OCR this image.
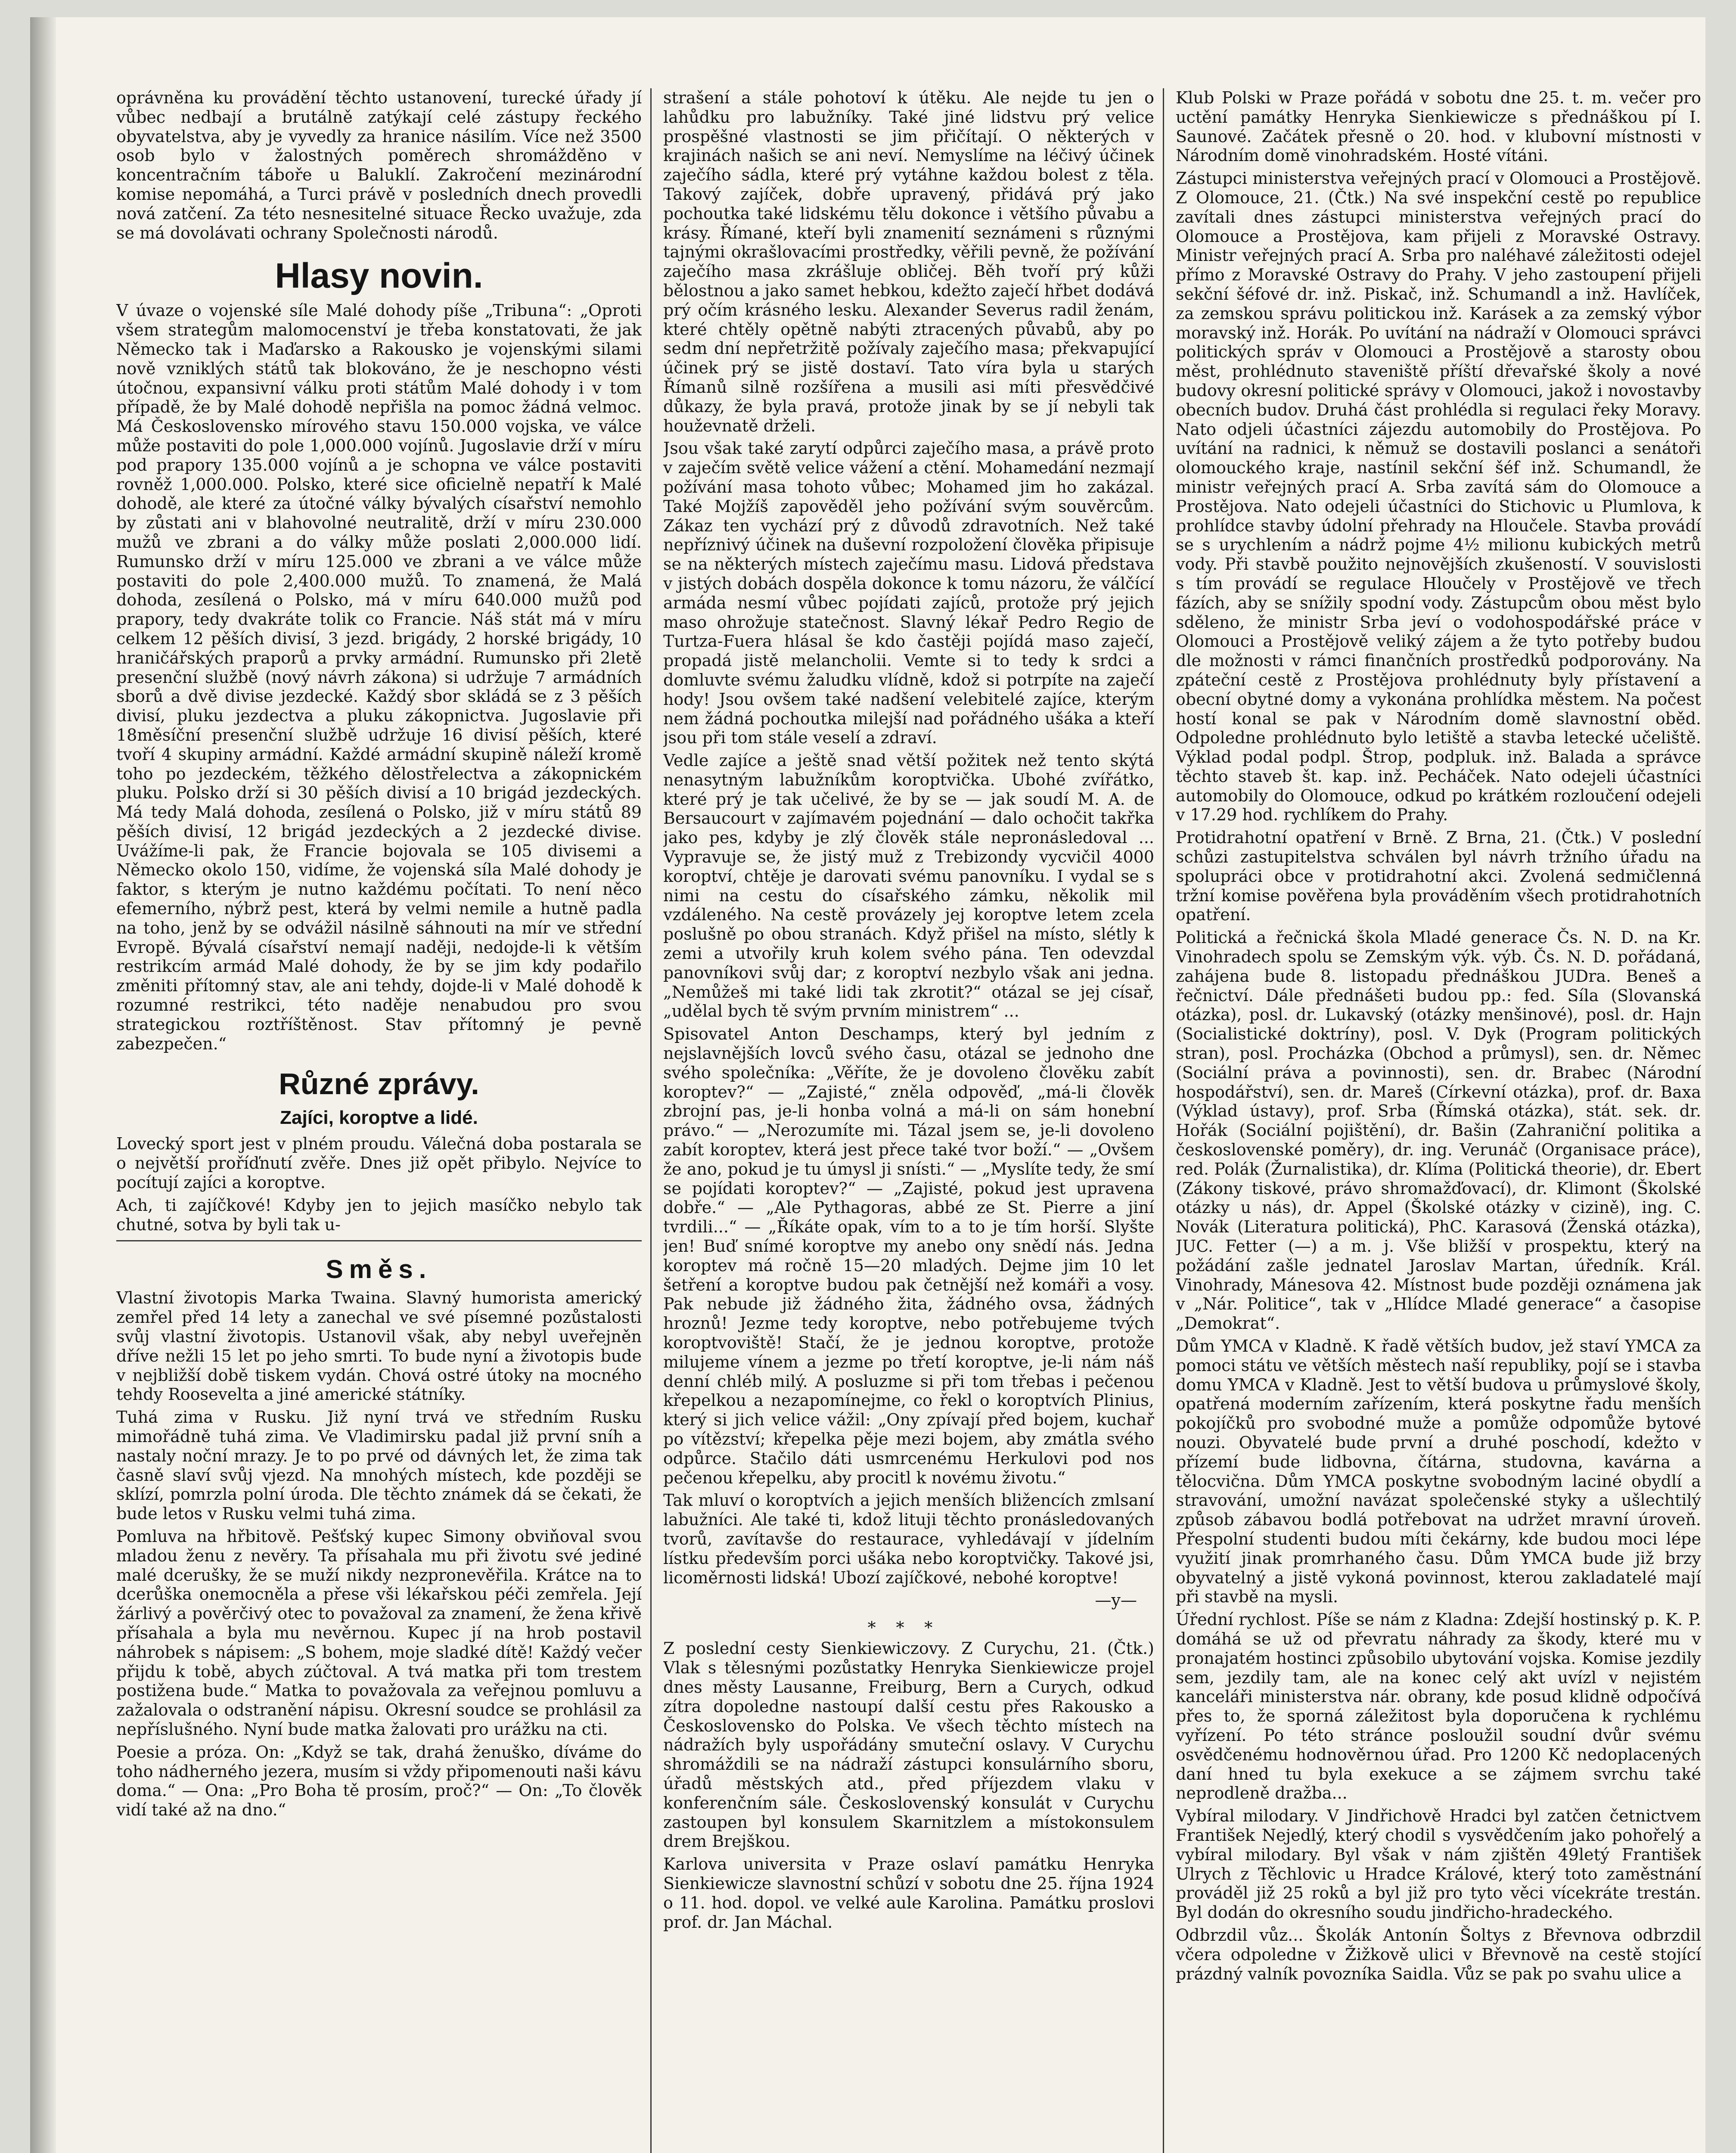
oprávněna ku provádění těchto ustanovení, turecké úřady jí vůbec nedbají a brutálně zatýkají celé zástupy řeckého obyvatelstva, aby je vyvedly za hranice násilím. Více než 3500 osob bylo v žalostných poměrech shromážděno v koncentračním táboře u Baluklí. Zakročení mezinárodní komise nepomáhá, a Turci právě v posledních dnech provedli nová zatčení. Za této nesnesitelné situace Řecko uvažuje, zda se má dovolávati ochrany Společnosti národů.

Hlasy novin.

V úvaze o vojenské síle Malé dohody píše „Tribuna“: „Oproti všem strategům malomocenství je třeba konstatovati, že jak Německo tak i Maďarsko a Rakousko je vojenskými silami nově vzniklých států tak blokováno, že je neschopno vésti útočnou, expansivní válku proti státům Malé dohody i v tom případě, že by Malé dohodě nepřišla na pomoc žádná velmoc. Má Československo mírového stavu 150.000 vojska, ve válce může postaviti do pole 1,000.000 vojínů. Jugoslavie drží v míru pod prapory 135.000 vojínů a je schopna ve válce postaviti rovněž 1,000.000. Polsko, které sice oficielně nepatří k Malé dohodě, ale které za útočné války bývalých císařství nemohlo by zůstati ani v blahovolné neutralitě, drží v míru 230.000 mužů ve zbrani a do války může poslati 2,000.000 lidí. Rumunsko drží v míru 125.000 ve zbrani a ve válce může postaviti do pole 2,400.000 mužů. To znamená, že Malá dohoda, zesílená o Polsko, má v míru 640.000 mužů pod prapory, tedy dvakráte tolik co Francie. Náš stát má v míru celkem 12 pěších divisí, 3 jezd. brigády, 2 horské brigády, 10 hraničářských praporů a prvky armádní. Rumunsko při 2letě presenční službě (nový návrh zákona) si udržuje 7 armádních sborů a dvě divise jezdecké. Každý sbor skládá se z 3 pěších divisí, pluku jezdectva a pluku zákopnictva. Jugoslavie při 18měsíční presenční službě udržuje 16 divisí pěších, které tvoří 4 skupiny armádní. Každé armádní skupině náleží kromě toho po jezdeckém, těžkého dělostřelectva a zákopnickém pluku. Polsko drží si 30 pěších divisí a 10 brigád jezdeckých. Má tedy Malá dohoda, zesílená o Polsko, již v míru států 89 pěších divisí, 12 brigád jezdeckých a 2 jezdecké divise. Uvážíme-li pak, že Francie bojovala se 105 divisemi a Německo okolo 150, vidíme, že vojenská síla Malé dohody je faktor, s kterým je nutno každému počítati. To není něco efemerního, nýbrž pest, která by velmi nemile a hutně padla na toho, jenž by se odvážil násilně sáhnouti na mír ve střední Evropě. Bývalá císařství nemají naději, nedojde-li k větším restrikcím armád Malé dohody, že by se jim kdy podařilo změniti přítomný stav, ale ani tehdy, dojde-li v Malé dohodě k rozumné restrikci, této naděje nenabudou pro svou strategickou roztříštěnost. Stav přítomný je pevně zabezpečen.“

Různé zprávy.
Zajíci, koroptve a lidé.

Lovecký sport jest v plném proudu. Válečná doba postarala se o největší proříďnutí zvěře. Dnes již opět přibylo. Nejvíce to pocítují zajíci a koroptve.

Ach, ti zajíčkové! Kdyby jen to jejich masíčko nebylo tak chutné, sotva by byli tak u-

Směs.

Vlastní životopis Marka Twaina. Slavný humorista americký zemřel před 14 lety a zanechal ve své písemné pozůstalosti svůj vlastní životopis. Ustanovil však, aby nebyl uveřejněn dříve nežli 15 let po jeho smrti. To bude nyní a životopis bude v nejbližší době tiskem vydán. Chová ostré útoky na mocného tehdy Roosevelta a jiné americké státníky.

Tuhá zima v Rusku. Již nyní trvá ve středním Rusku mimořádně tuhá zima. Ve Vladimirsku padal již první sníh a nastaly noční mrazy. Je to po prvé od dávných let, že zima tak časně slaví svůj vjezd. Na mnohých místech, kde později se sklízí, pomrzla polní úroda. Dle těchto známek dá se čekati, že bude letos v Rusku velmi tuhá zima.

Pomluva na hřbitově. Pešťský kupec Simony obviňoval svou mladou ženu z nevěry. Ta přísahala mu při životu své jediné malé dcerušky, že se muží nikdy nezpronevěřila. Krátce na to dcerůška onemocněla a přese vši lékařskou péči zemřela. Její žárlivý a pověrčivý otec to považoval za znamení, že žena křivě přísahala a byla mu nevěrnou. Kupec jí na hrob postavil náhrobek s nápisem: „S bohem, moje sladké dítě! Každý večer přijdu k tobě, abych zúčtoval. A tvá matka při tom trestem postižena bude.“ Matka to považovala za veřejnou pomluvu a zažalovala o odstranění nápisu. Okresní soudce se prohlásil za nepříslušného. Nyní bude matka žalovati pro urážku na cti.

Poesie a próza. On: „Když se tak, drahá ženuško, díváme do toho nádherného jezera, musím si vždy připomenouti naši kávu doma.“ — Ona: „Pro Boha tě prosím, proč?“ — On: „To člověk vidí také až na dno.“

strašení a stále pohotoví k útěku. Ale nejde tu jen o lahůdku pro labužníky. Také jiné lidstvu prý velice prospěšné vlastnosti se jim přičítají. O některých v krajinách našich se ani neví. Nemyslíme na léčivý účinek zaječího sádla, které prý vytáhne každou bolest z těla. Takový zajíček, dobře upravený, přidává prý jako pochoutka také lidskému tělu dokonce i většího půvabu a krásy. Římané, kteří byli znamenití seznámeni s různými tajnými okrašlovacími prostředky, věřili pevně, že požívání zaječího masa zkrášluje obličej. Běh tvoří prý kůži bělostnou a jako samet hebkou, kdežto zaječí hřbet dodává prý očím krásného lesku. Alexander Severus radil ženám, které chtěly opětně nabýti ztracených půvabů, aby po sedm dní nepřetržitě požívaly zaječího masa; překvapující účinek prý se jistě dostaví. Tato víra byla u starých Římanů silně rozšířena a musili asi míti přesvědčivé důkazy, že byla pravá, protože jinak by se jí nebyli tak houževnatě drželi.

Jsou však také zarytí odpůrci zaječího masa, a právě proto v zaječím světě velice vážení a ctění. Mohamedání nezmají požívání masa tohoto vůbec; Mohamed jim ho zakázal. Také Mojžíš zapověděl jeho požívání svým souvěrcům. Zákaz ten vychází prý z důvodů zdravotních. Než také nepříznivý účinek na duševní rozpoložení člověka připisuje se na některých místech zaječímu masu. Lidová představa v jistých dobách dospěla dokonce k tomu názoru, že válčící armáda nesmí vůbec pojídati zajíců, protože prý jejich maso ohrožuje statečnost. Slavný lékař Pedro Regio de Turtza-Fuera hlásal še kdo častěji pojídá maso zaječí, propadá jistě melancholii. Vemte si to tedy k srdci a domluvte svému žaludku vlídně, kdož si potrpíte na zaječí hody! Jsou ovšem také nadšení velebitelé zajíce, kterým nem žádná pochoutka milejší nad pořádného ušáka a kteří jsou při tom stále veselí a zdraví.

Vedle zajíce a ještě snad větší požitek než tento skýtá nenasytným labužníkům koroptvička. Ubohé zvířátko, které prý je tak učelivé, že by se — jak soudí M. A. de Bersaucourt v zajímavém pojednání — dalo ochočit takřka jako pes, kdyby je zlý člověk stále nepronásledoval ... Vypravuje se, že jistý muž z Trebizondy vycvičil 4000 koroptví, chtěje je darovati svému panovníku. I vydal se s nimi na cestu do císařského zámku, několik mil vzdáleného. Na cestě provázely jej koroptve letem zcela poslušně po obou stranách. Když přišel na místo, slétly k zemi a utvořily kruh kolem svého pána. Ten odevzdal panovníkovi svůj dar; z koroptví nezbylo však ani jedna. „Nemůžeš mi také lidi tak zkrotit?“ otázal se jej císař, „udělal bych tě svým prvním ministrem“ ...

Spisovatel Anton Deschamps, který byl jedním z nejslavnějších lovců svého času, otázal se jednoho dne svého společníka: „Věříte, že je dovoleno člověku zabít koroptev?“ — „Zajisté,“ zněla odpověď, „má-li člověk zbrojní pas, je-li honba volná a má-li on sám honební právo.“ — „Nerozumíte mi. Tázal jsem se, je-li dovoleno zabít koroptev, která jest přece také tvor boží.“ — „Ovšem že ano, pokud je tu úmysl ji snísti.“ — „Myslíte tedy, že smí se pojídati koroptev?“ — „Zajisté, pokud jest upravena dobře.“ — „Ale Pythagoras, abbé ze St. Pierre a jiní tvrdili...“ — „Říkáte opak, vím to a to je tím horší. Slyšte jen! Buď snímé koroptve my anebo ony snědí nás. Jedna koroptev má ročně 15—20 mladých. Dejme jim 10 let šetření a koroptve budou pak četnější než komáři a vosy. Pak nebude již žádného žita, žádného ovsa, žádných hroznů! Jezme tedy koroptve, nebo potřebujeme tvých koroptvoviště! Stačí, že je jednou koroptve, protože milujeme vínem a jezme po třetí koroptve, je-li nám náš denní chléb milý. A posluzme si při tom třebas i pečenou křepelkou a nezapomínejme, co řekl o koroptvích Plinius, který si jich velice vážil: „Ony zpívají před bojem, kuchař po vítězství; křepelka pěje mezi bojem, aby zmátla svého odpůrce. Stačilo dáti usmrcenému Herkulovi pod nos pečenou křepelku, aby procitl k novému životu.“

Tak mluví o koroptvích a jejich menších bližencích zmlsaní labužníci. Ale také ti, kdož lituji těchto pronásledovaných tvorů, zavítavše do restaurace, vyhledávají v jídelním lístku především porci ušáka nebo koroptvičky. Takové jsi, licoměrnosti lidská! Ubozí zajíčkové, nebohé koroptve!

—y—
∗∗∗

Z poslední cesty Sienkiewiczovy. Z Curychu, 21. (Čtk.) Vlak s tělesnými pozůstatky Henryka Sienkiewicze projel dnes městy Lausanne, Freiburg, Bern a Curych, odkud zítra dopoledne nastoupí další cestu přes Rakousko a Československo do Polska. Ve všech těchto místech na nádražích byly uspořádány smuteční oslavy. V Curychu shromáždili se na nádraží zástupci konsulárního sboru, úřadů městských atd., před příjezdem vlaku v konferenčním sále. Československý konsulát v Curychu zastoupen byl konsulem Skarnitzlem a místokonsulem drem Brejškou.

Karlova universita v Praze oslaví památku Henryka Sienkiewicze slavnostní schůzí v sobotu dne 25. října 1924 o 11. hod. dopol. ve velké aule Karolina. Památku proslovi prof. dr. Jan Máchal.

Klub Polski w Praze pořádá v sobotu dne 25. t. m. večer pro uctění památky Henryka Sienkiewicze s přednáškou pí I. Saunové. Začátek přesně o 20. hod. v klubovní místnosti v Národním domě vinohradském. Hosté vítáni.

Zástupci ministerstva veřejných prací v Olomouci a Prostějově. Z Olomouce, 21. (Čtk.) Na své inspekční cestě po republice zavítali dnes zástupci ministerstva veřejných prací do Olomouce a Prostějova, kam přijeli z Moravské Ostravy. Ministr veřejných prací A. Srba pro naléhavé záležitosti odejel přímo z Moravské Ostravy do Prahy. V jeho zastoupení přijeli sekční šéfové dr. inž. Piskač, inž. Schumandl a inž. Havlíček, za zemskou správu politickou inž. Karásek a za zemský výbor moravský inž. Horák. Po uvítání na nádraží v Olomouci správci politických správ v Olomouci a Prostějově a starosty obou měst, prohlédnuto staveniště příští dřevařské školy a nové budovy okresní politické správy v Olomouci, jakož i novostavby obecních budov. Druhá část prohlédla si regulaci řeky Moravy. Nato odjeli účastníci zájezdu automobily do Prostějova. Po uvítání na radnici, k němuž se dostavili poslanci a senátoři olomouckého kraje, nastínil sekční šéf inž. Schumandl, že ministr veřejných prací A. Srba zavítá sám do Olomouce a Prostějova. Nato odejeli účastníci do Stichovic u Plumlova, k prohlídce stavby údolní přehrady na Hloučele. Stavba provádí se s urychlením a nádrž pojme 4½ milionu kubických metrů vody. Při stavbě použito nejnovějších zkušeností. V souvislosti s tím provádí se regulace Hloučely v Prostějově ve třech fázích, aby se snížily spodní vody. Zástupcům obou měst bylo sděleno, že ministr Srba jeví o vodohospodářské práce v Olomouci a Prostějově veliký zájem a že tyto potřeby budou dle možnosti v rámci finančních prostředků podporovány. Na zpáteční cestě z Prostějova prohlédnuty byly přístavení a obecní obytné domy a vykonána prohlídka městem. Na počest hostí konal se pak v Národním domě slavnostní oběd. Odpoledne prohlédnuto bylo letiště a stavba letecké učeliště. Výklad podal podpl. Štrop, podpluk. inž. Balada a správce těchto staveb št. kap. inž. Pecháček. Nato odejeli účastníci automobily do Olomouce, odkud po krátkém rozloučení odejeli v 17.29 hod. rychlíkem do Prahy.

Protidrahotní opatření v Brně. Z Brna, 21. (Čtk.) V poslední schůzi zastupitelstva schválen byl návrh tržního úřadu na spolupráci obce v protidrahotní akci. Zvolená sedmičlenná tržní komise pověřena byla prováděním všech protidrahotních opatření.

Politická a řečnická škola Mladé generace Čs. N. D. na Kr. Vinohradech spolu se Zemským výk. výb. Čs. N. D. pořádaná, zahájena bude 8. listopadu přednáškou JUDra. Beneš a řečnictví. Dále přednášeti budou pp.: fed. Síla (Slovanská otázka), posl. dr. Lukavský (otázky menšinové), posl. dr. Hajn (Socialistické doktríny), posl. V. Dyk (Program politických stran), posl. Procházka (Obchod a průmysl), sen. dr. Němec (Sociální práva a povinnosti), sen. dr. Brabec (Národní hospodářství), sen. dr. Mareš (Církevní otázka), prof. dr. Baxa (Výklad ústavy), prof. Srba (Římská otázka), stát. sek. dr. Hořák (Sociální pojištění), dr. Bašin (Zahraniční politika a československé poměry), dr. ing. Verunáč (Organisace práce), red. Polák (Žurnalistika), dr. Klíma (Politická theorie), dr. Ebert (Zákony tiskové, právo shromažďovací), dr. Klimont (Školské otázky u nás), dr. Appel (Školské otázky v cizině), ing. C. Novák (Literatura politická), PhC. Karasová (Ženská otázka), JUC. Fetter (—) a m. j. Vše bližší v prospektu, který na požádání zašle jednatel Jaroslav Martan, úředník. Král. Vinohrady, Mánesova 42. Místnost bude později oznámena jak v „Nár. Politice“, tak v „Hlídce Mladé generace“ a časopise „Demokrat“.

Dům YMCA v Kladně. K řadě větších budov, jež staví YMCA za pomoci státu ve větších městech naší republiky, pojí se i stavba domu YMCA v Kladně. Jest to větší budova u průmyslové školy, opatřená moderním zařízením, která poskytne řadu menších pokojíčků pro svobodné muže a pomůže odpomůže bytové nouzi. Obyvatelé bude první a druhé poschodí, kdežto v přízemí bude lidbovna, čítárna, studovna, kavárna a tělocvična. Dům YMCA poskytne svobodným laciné obydlí a stravování, umožní navázat společenské styky a ušlechtilý způsob zábavou bodlá potřebovat na udržet mravní úroveň. Přespolní studenti budou míti čekárny, kde budou moci lépe využití jinak promrhaného času. Dům YMCA bude již brzy obyvatelný a jistě vykoná povinnost, kterou zakladatelé mají při stavbě na mysli.

Úřední rychlost. Píše se nám z Kladna: Zdejší hostinský p. K. P. domáhá se už od převratu náhrady za škody, které mu v pronajatém hostinci způsobilo ubytování vojska. Komise jezdily sem, jezdily tam, ale na konec celý akt uvízl v nejistém kanceláři ministerstva nár. obrany, kde posud klidně odpočívá přes to, že sporná záležitost byla doporučena k rychlému vyřízení. Po této stránce posloužil soudní dvůr svému osvědčenému hodnověrnou úřad. Pro 1200 Kč nedoplacených daní hned tu byla exekuce a se zájmem svrchu také neprodleně dražba...

Vybíral milodary. V Jindřichově Hradci byl zatčen četnictvem František Nejedlý, který chodil s vysvědčením jako pohořelý a vybíral milodary. Byl však v nám zjištěn 49letý František Ulrych z Těchlovic u Hradce Králové, který toto zaměstnání prováděl již 25 roků a byl již pro tyto věci vícekráte trestán. Byl dodán do okresního soudu jindřicho-hradeckého.

Odbrzdil vůz... Školák Antonín Šoltys z Břevnova odbrzdil včera odpoledne v Žižkově ulici v Břevnově na cestě stojící prázdný valník povozníka Saidla. Vůz se pak po svahu ulice a
